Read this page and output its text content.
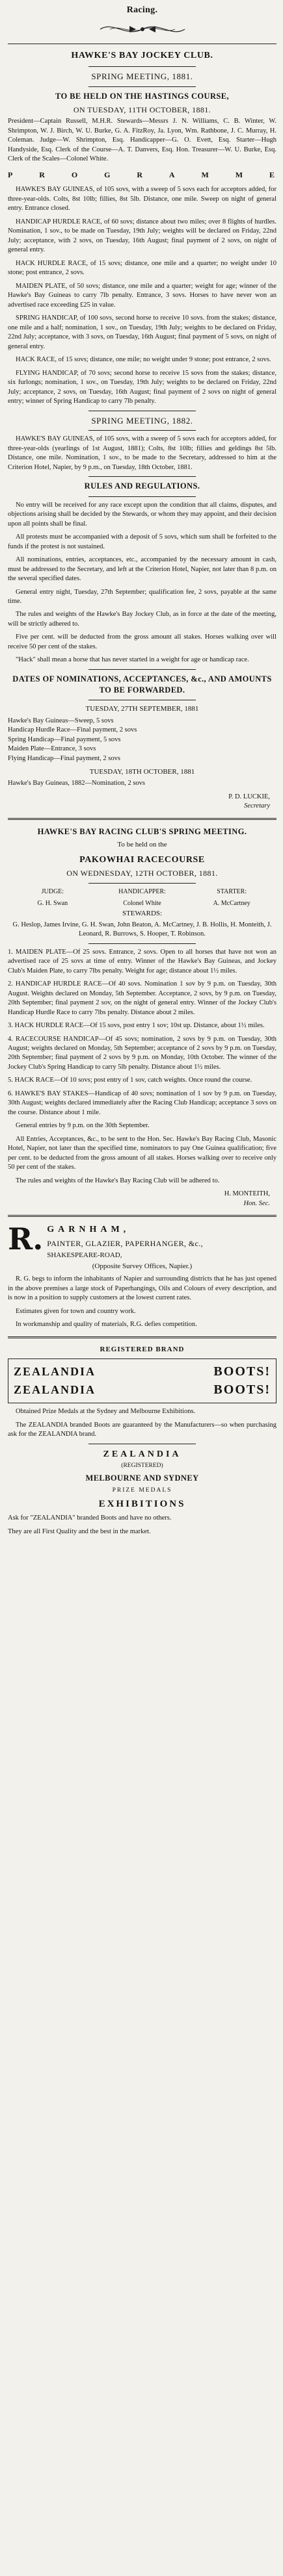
Racing.
HAWKE'S BAY JOCKEY CLUB.
SPRING MEETING, 1881.
TO BE HELD ON THE HASTINGS COURSE,
ON TUESDAY, 11TH OCTOBER, 1881.

President—Captain Russell, M.H.R. Stewards—Messrs J. N. Williams, C. B. Winter, W. Shrimpton, W. J. Birch, W. U. Burke, G. A. FitzRoy, Ja. Lyon, Wm. Rathbone, J. C. Murray, H. Coleman. Judge—W. Shrimpton, Esq. Handicapper—G. O. Evett, Esq. Starter—Hugh Handyside, Esq. Clerk of the Course—A. T. Danvers, Esq. Hon. Treasurer—W. U. Burke, Esq. Clerk of the Scales—Colonel White.

P	R	O	G	R	A	M	M	E

HAWKE'S BAY GUINEAS, of 105 sovs, with a sweep of 5 sovs each for acceptors added, for three-year-olds. Colts, 8st 10lb; fillies, 8st 5lb. Distance, one mile. Sweep on night of general entry. Entrance closed.

HANDICAP HURDLE RACE, of 60 sovs; distance about two miles; over 8 flights of hurdles. Nomination, 1 sov., to be made on Tuesday, 19th July; weights will be declared on Friday, 22nd July; acceptance, with 2 sovs, on Tuesday, 16th August; final payment of 2 sovs, on night of general entry.

HACK HURDLE RACE, of 15 sovs; distance, one mile and a quarter; no weight under 10 stone; post entrance, 2 sovs.

MAIDEN PLATE, of 50 sovs; distance, one mile and a quarter; weight for age; winner of the Hawke's Bay Guineas to carry 7lb penalty. Entrance, 3 sovs. Horses to have never won an advertised race exceeding £25 in value.

SPRING HANDICAP, of 100 sovs, second horse to receive 10 sovs. from the stakes; distance, one mile and a half; nomination, 1 sov., on Tuesday, 19th July; weights to be declared on Friday, 22nd July; acceptance, with 3 sovs, on Tuesday, 16th August; final payment of 5 sovs, on night of general entry.

HACK RACE, of 15 sovs; distance, one mile; no weight under 9 stone; post entrance, 2 sovs.

FLYING HANDICAP, of 70 sovs; second horse to receive 15 sovs from the stakes; distance, six furlongs; nomination, 1 sov., on Tuesday, 19th July; weights to be declared on Friday, 22nd July; acceptance, 2 sovs, on Tuesday, 16th August; final payment of 2 sovs on night of general entry; winner of Spring Handicap to carry 7lb penalty.

SPRING MEETING, 1882.

HAWKE'S BAY GUINEAS, of 105 sovs, with a sweep of 5 sovs each for acceptors added, for three-year-olds (yearlings of 1st August, 1881); Colts, 8st 10lb; fillies and geldings 8st 5lb. Distance, one mile. Nomination, 1 sov., to be made to the Secretary, addressed to him at the Criterion Hotel, Napier, by 9 p.m., on Tuesday, 18th October, 1881.

RULES AND REGULATIONS.

No entry will be received for any race except upon the condition that all claims, disputes, and objections arising shall be decided by the Stewards, or whom they may appoint, and their decision upon all points shall be final.

All protests must be accompanied with a deposit of 5 sovs, which sum shall be forfeited to the funds if the protest is not sustained.

All nominations, entries, acceptances, etc., accompanied by the necessary amount in cash, must be addressed to the Secretary, and left at the Criterion Hotel, Napier, not later than 8 p.m. on the several specified dates.

General entry night, Tuesday, 27th September; qualification fee, 2 sovs, payable at the same time.

The rules and weights of the Hawke's Bay Jockey Club, as in force at the date of the meeting, will be strictly adhered to.

Five per cent. will be deducted from the gross amount all stakes. Horses walking over will receive 50 per cent of the stakes.

"Hack" shall mean a horse that has never started in a weight for age or handicap race.

DATES OF NOMINATIONS, ACCEPTANCES, &c., AND AMOUNTS TO BE FORWARDED.
TUESDAY, 27TH SEPTEMBER, 1881
Hawke's Bay Guineas—Sweep, 5 sovs
Handicap Hurdle Race—Final payment, 2 sovs
Spring Handicap—Final payment, 5 sovs
Maiden Plate—Entrance, 3 sovs
Flying Handicap—Final payment, 2 sovs
TUESDAY, 18TH OCTOBER, 1881
Hawke's Bay Guineas, 1882—Nomination, 2 sovs
P. D. LUCKIE,
Secretary
HAWKE'S BAY RACING CLUB'S SPRING MEETING.
To be held on the
PAKOWHAI RACECOURSE
ON WEDNESDAY, 12TH OCTOBER, 1881.
JUDGE:	HANDICAPPER:	STARTER:
G. H. Swan	Colonel White	A. McCartney
STEWARDS:
G. Heslop, James Irvine, G. H. Swan, John Beaton, A. McCartney, J. B. Hollis, H. Monteith, J. Leonard, R. Burrows, S. Hooper, T. Robinson.

1. MAIDEN PLATE—Of 25 sovs. Entrance, 2 sovs. Open to all horses that have not won an advertised race of 25 sovs at time of entry. Winner of the Hawke's Bay Guineas, and Jockey Club's Maiden Plate, to carry 7lbs penalty. Weight for age; distance about 1½ miles.

2. HANDICAP HURDLE RACE—Of 40 sovs. Nomination 1 sov by 9 p.m. on Tuesday, 30th August. Weights declared on Monday, 5th September. Acceptance, 2 sovs, by 9 p.m. on Tuesday, 20th September; final payment 2 sov, on the night of general entry. Winner of the Jockey Club's Handicap Hurdle Race to carry 7lbs penalty. Distance about 2 miles.

3. HACK HURDLE RACE—Of 15 sovs, post entry 1 sov; 10st up. Distance, about 1½ miles.

4. RACECOURSE HANDICAP—Of 45 sovs; nomination, 2 sovs by 9 p.m. on Tuesday, 30th August; weights declared on Monday, 5th September; acceptance of 2 sovs by 9 p.m. on Tuesday, 20th September; final payment of 2 sovs by 9 p.m. on Monday, 10th October. The winner of the Jockey Club's Spring Handicap to carry 5lb penalty. Distance about 1½ miles.

5. HACK RACE—Of 10 sovs; post entry of 1 sov, catch weights. Once round the course.

6. HAWKE'S BAY STAKES—Handicap of 40 sovs; nomination of 1 sov by 9 p.m. on Tuesday, 30th August; weights declared immediately after the Racing Club Handicap; acceptance 3 sovs on the course. Distance about 1 mile.

General entries by 9 p.m. on the 30th September.

All Entries, Acceptances, &c., to be sent to the Hon. Sec. Hawke's Bay Racing Club, Masonic Hotel, Napier, not later than the specified time, nominators to pay One Guinea qualification; five per cent. to be deducted from the gross amount of all stakes. Horses walking over to receive only 50 per cent of the stakes.

The rules and weights of the Hawke's Bay Racing Club will be adhered to.

H. MONTEITH,
Hon. Sec.
R. GARNHAM,
PAINTER, GLAZIER, PAPERHANGER, &c.,
SHAKESPEARE-ROAD,
(Opposite Survey Offices, Napier.)

R. G. begs to inform the inhabitants of Napier and surrounding districts that he has just opened in the above premises a large stock of Paperhangings, Oils and Colours of every description, and is now in a position to supply customers at the lowest current rates.

Estimates given for town and country work.

In workmanship and quality of materials, R.G. defies competition.

REGISTERED BRAND
ZEALANDIA	BOOTS!
ZEALANDIA	BOOTS!

Obtained Prize Medals at the Sydney and Melbourne Exhibitions.

The ZEALANDIA branded Boots are guaranteed by the Manufacturers—so when purchasing ask for the ZEALANDIA brand.

ZEALANDIA
(REGISTERED)
MELBOURNE AND SYDNEY
PRIZE MEDALS
EXHIBITIONS

Ask for "ZEALANDIA" branded Boots and have no others.

They are all First Quality and the best in the market.
